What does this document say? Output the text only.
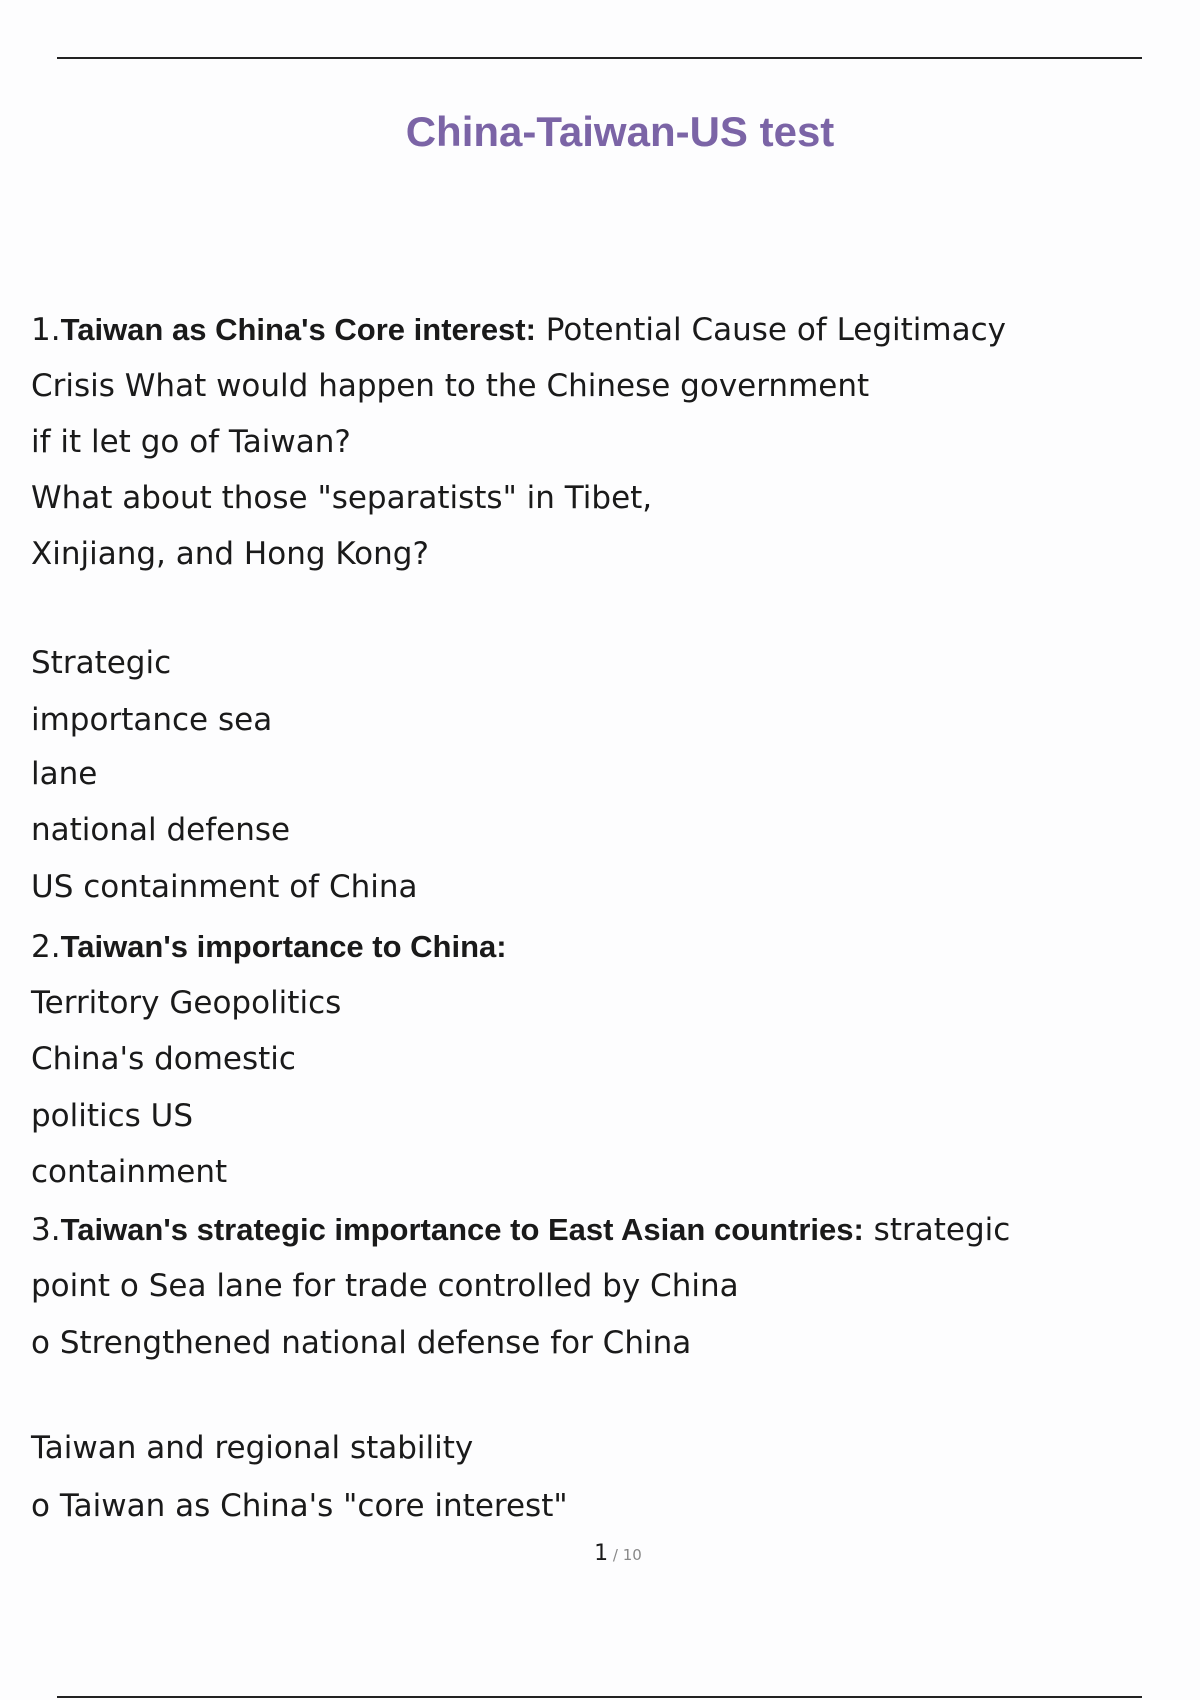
China-Taiwan-US test
1.Taiwan as China's Core interest: Potential Cause of Legitimacy
Crisis What would happen to the Chinese government
if it let go of Taiwan?
What about those "separatists" in Tibet,
Xinjiang, and Hong Kong?
Strategic
importance sea
lane
national defense
US containment of China
2.Taiwan's importance to China:
Territory Geopolitics
China's domestic
politics US
containment
3.Taiwan's strategic importance to East Asian countries: strategic
point o Sea lane for trade controlled by China
o Strengthened national defense for China
Taiwan and regional stability
o Taiwan as China's "core interest"
1 / 10
